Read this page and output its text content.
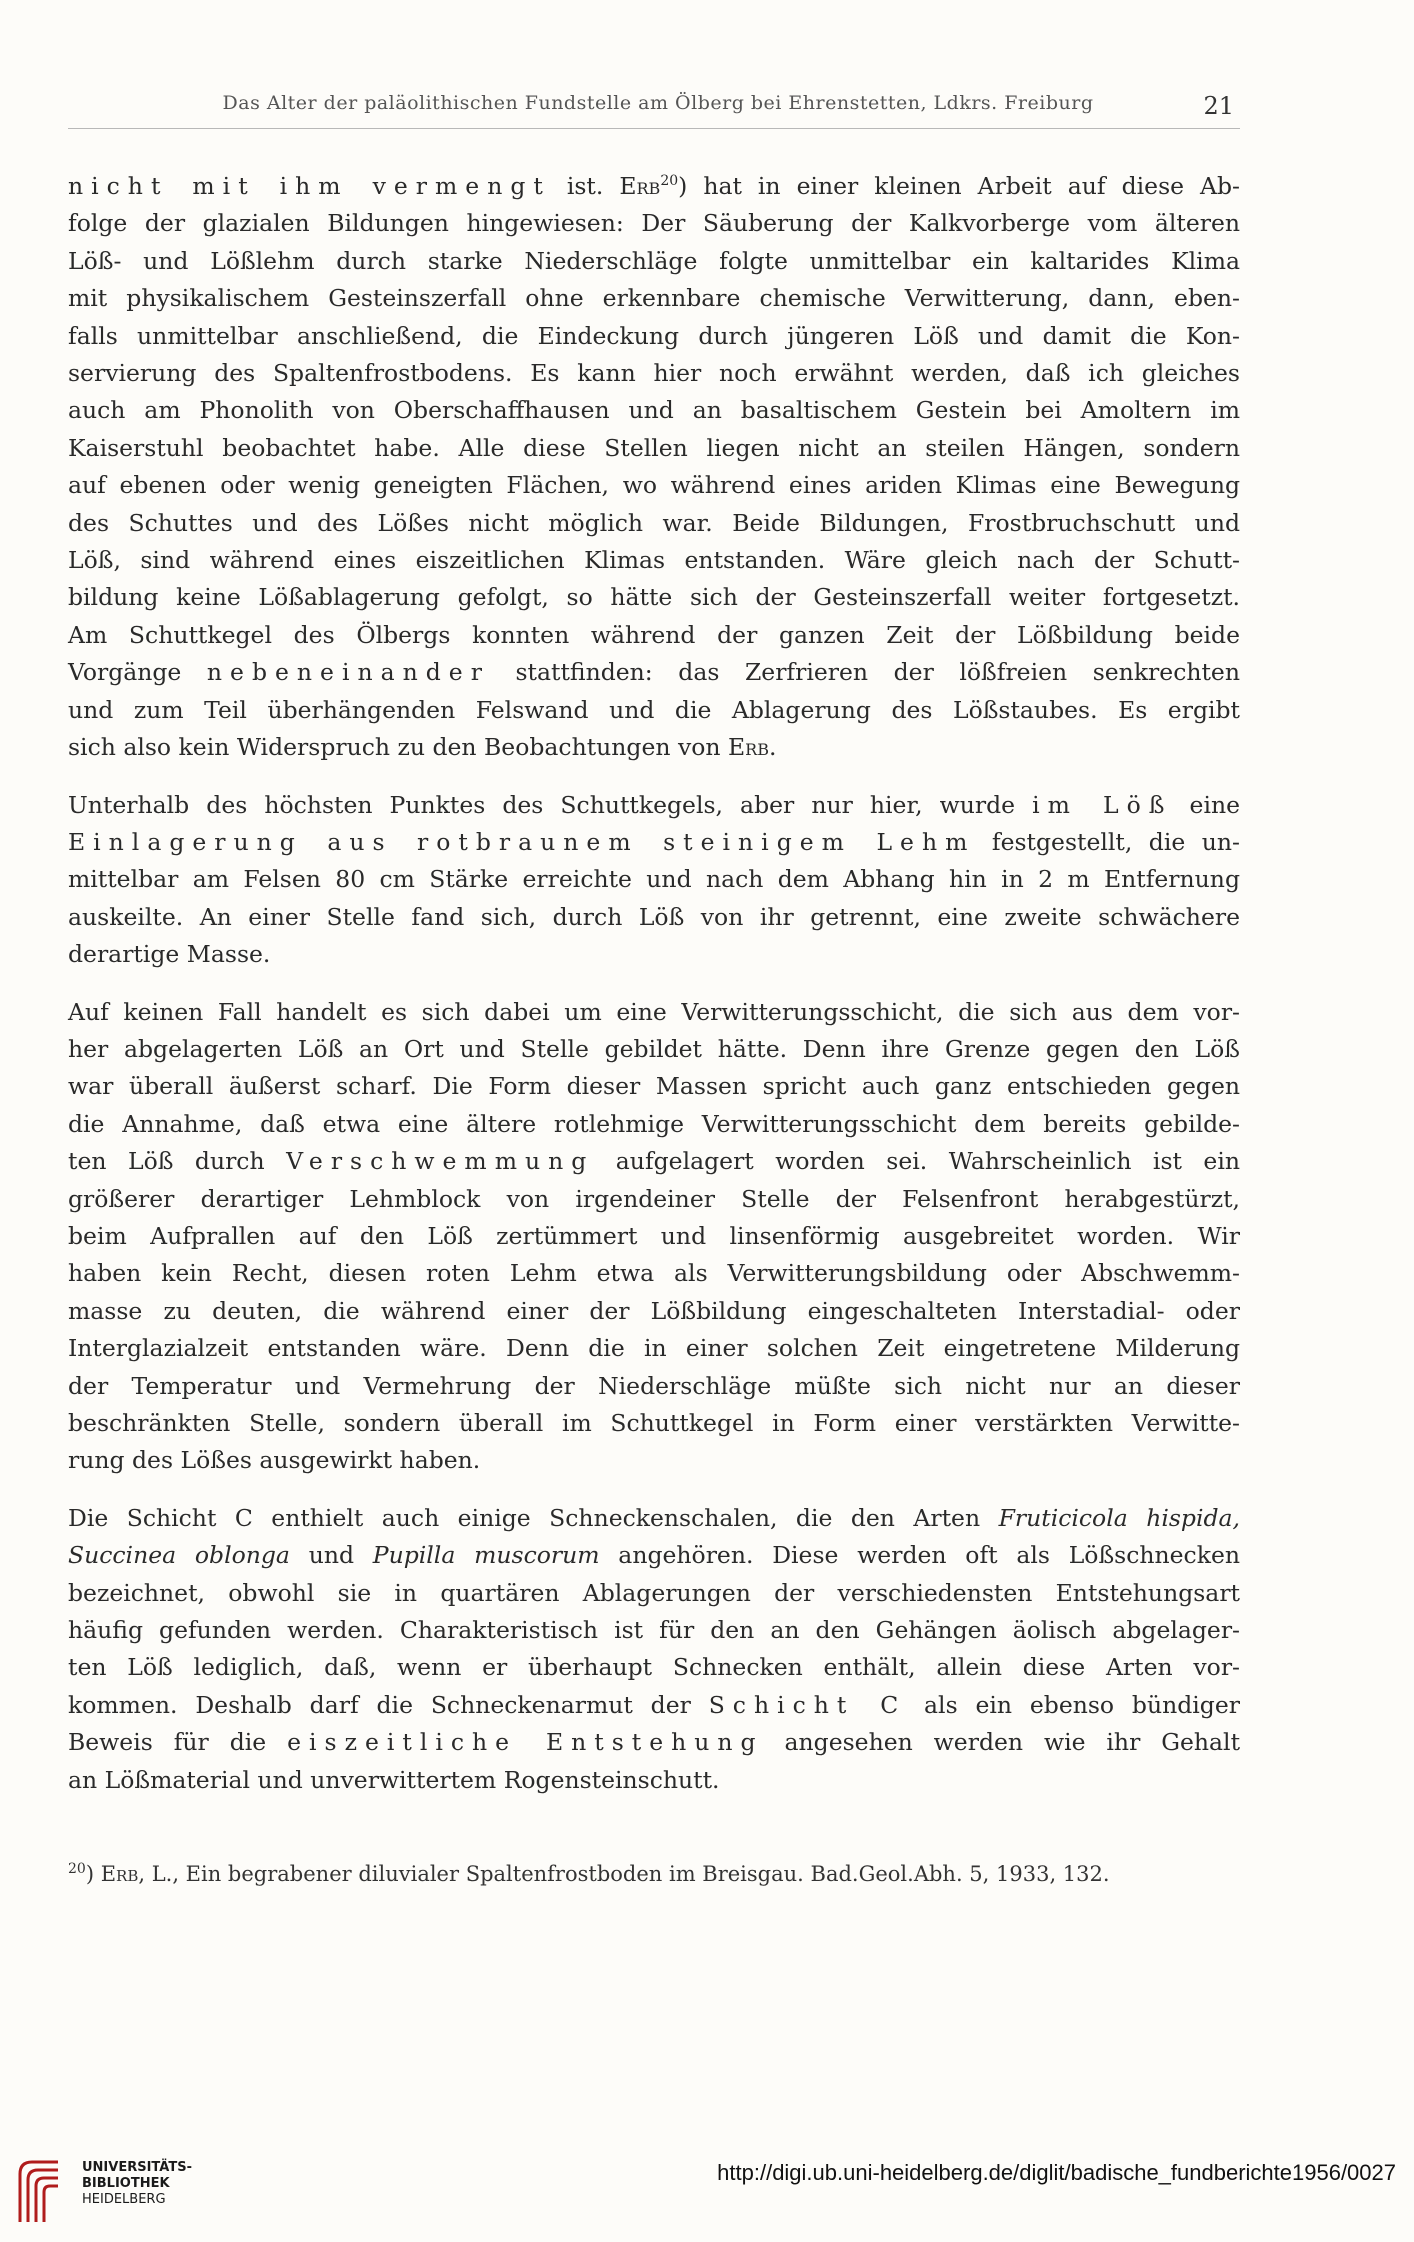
Das Alter der paläolithischen Fundstelle am Ölberg bei Ehrenstetten, Ldkrs. Freiburg	21
nicht mit ihm vermengt ist. Erb$^{20}$) hat in einer kleinen Arbeit auf diese Ab-
folge der glazialen Bildungen hingewiesen: Der Säuberung der Kalkvorberge vom älteren
Löß- und Lößlehm durch starke Niederschläge folgte unmittelbar ein kaltarides Klima
mit physikalischem Gesteinszerfall ohne erkennbare chemische Verwitterung, dann, eben-
falls unmittelbar anschließend, die Eindeckung durch jüngeren Löß und damit die Kon-
servierung des Spaltenfrostbodens. Es kann hier noch erwähnt werden, daß ich gleiches
auch am Phonolith von Oberschaffhausen und an basaltischem Gestein bei Amoltern im
Kaiserstuhl beobachtet habe. Alle diese Stellen liegen nicht an steilen Hängen, sondern
auf ebenen oder wenig geneigten Flächen, wo während eines ariden Klimas eine Bewegung
des Schuttes und des Lößes nicht möglich war. Beide Bildungen, Frostbruchschutt und
Löß, sind während eines eiszeitlichen Klimas entstanden. Wäre gleich nach der Schutt-
bildung keine Lößablagerung gefolgt, so hätte sich der Gesteinszerfall weiter fortgesetzt.
Am Schuttkegel des Ölbergs konnten während der ganzen Zeit der Lößbildung beide
Vorgänge nebeneinander stattfinden: das Zerfrieren der lößfreien senkrechten
und zum Teil überhängenden Felswand und die Ablagerung des Lößstaubes. Es ergibt
sich also kein Widerspruch zu den Beobachtungen von Erb.
Unterhalb des höchsten Punktes des Schuttkegels, aber nur hier, wurde im Löß eine
Einlagerung aus rotbraunem steinigem Lehm festgestellt, die un-
mittelbar am Felsen 80 cm Stärke erreichte und nach dem Abhang hin in 2 m Entfernung
auskeilte. An einer Stelle fand sich, durch Löß von ihr getrennt, eine zweite schwächere
derartige Masse.
Auf keinen Fall handelt es sich dabei um eine Verwitterungsschicht, die sich aus dem vor-
her abgelagerten Löß an Ort und Stelle gebildet hätte. Denn ihre Grenze gegen den Löß
war überall äußerst scharf. Die Form dieser Massen spricht auch ganz entschieden gegen
die Annahme, daß etwa eine ältere rotlehmige Verwitterungsschicht dem bereits gebilde-
ten Löß durch Verschwemmung aufgelagert worden sei. Wahrscheinlich ist ein
größerer derartiger Lehmblock von irgendeiner Stelle der Felsenfront herabgestürzt,
beim Aufprallen auf den Löß zertümmert und linsenförmig ausgebreitet worden. Wir
haben kein Recht, diesen roten Lehm etwa als Verwitterungsbildung oder Abschwemm-
masse zu deuten, die während einer der Lößbildung eingeschalteten Interstadial- oder
Interglazialzeit entstanden wäre. Denn die in einer solchen Zeit eingetretene Milderung
der Temperatur und Vermehrung der Niederschläge müßte sich nicht nur an dieser
beschränkten Stelle, sondern überall im Schuttkegel in Form einer verstärkten Verwitte-
rung des Lößes ausgewirkt haben.
Die Schicht C enthielt auch einige Schneckenschalen, die den Arten Fruticicola hispida,
Succinea oblonga und Pupilla muscorum angehören. Diese werden oft als Lößschnecken
bezeichnet, obwohl sie in quartären Ablagerungen der verschiedensten Entstehungsart
häufig gefunden werden. Charakteristisch ist für den an den Gehängen äolisch abgelager-
ten Löß lediglich, daß, wenn er überhaupt Schnecken enthält, allein diese Arten vor-
kommen. Deshalb darf die Schneckenarmut der Schicht C als ein ebenso bündiger
Beweis für die eiszeitliche Entstehung angesehen werden wie ihr Gehalt
an Lößmaterial und unverwittertem Rogensteinschutt.
$^{20}$) Erb, L., Ein begrabener diluvialer Spaltenfrostboden im Breisgau. Bad.Geol.Abh. 5, 1933, 132.
UNIVERSITÄTS-
BIBLIOTHEK
HEIDELBERG
http://digi.ub.uni-heidelberg.de/diglit/badische_fundberichte1956/0027
